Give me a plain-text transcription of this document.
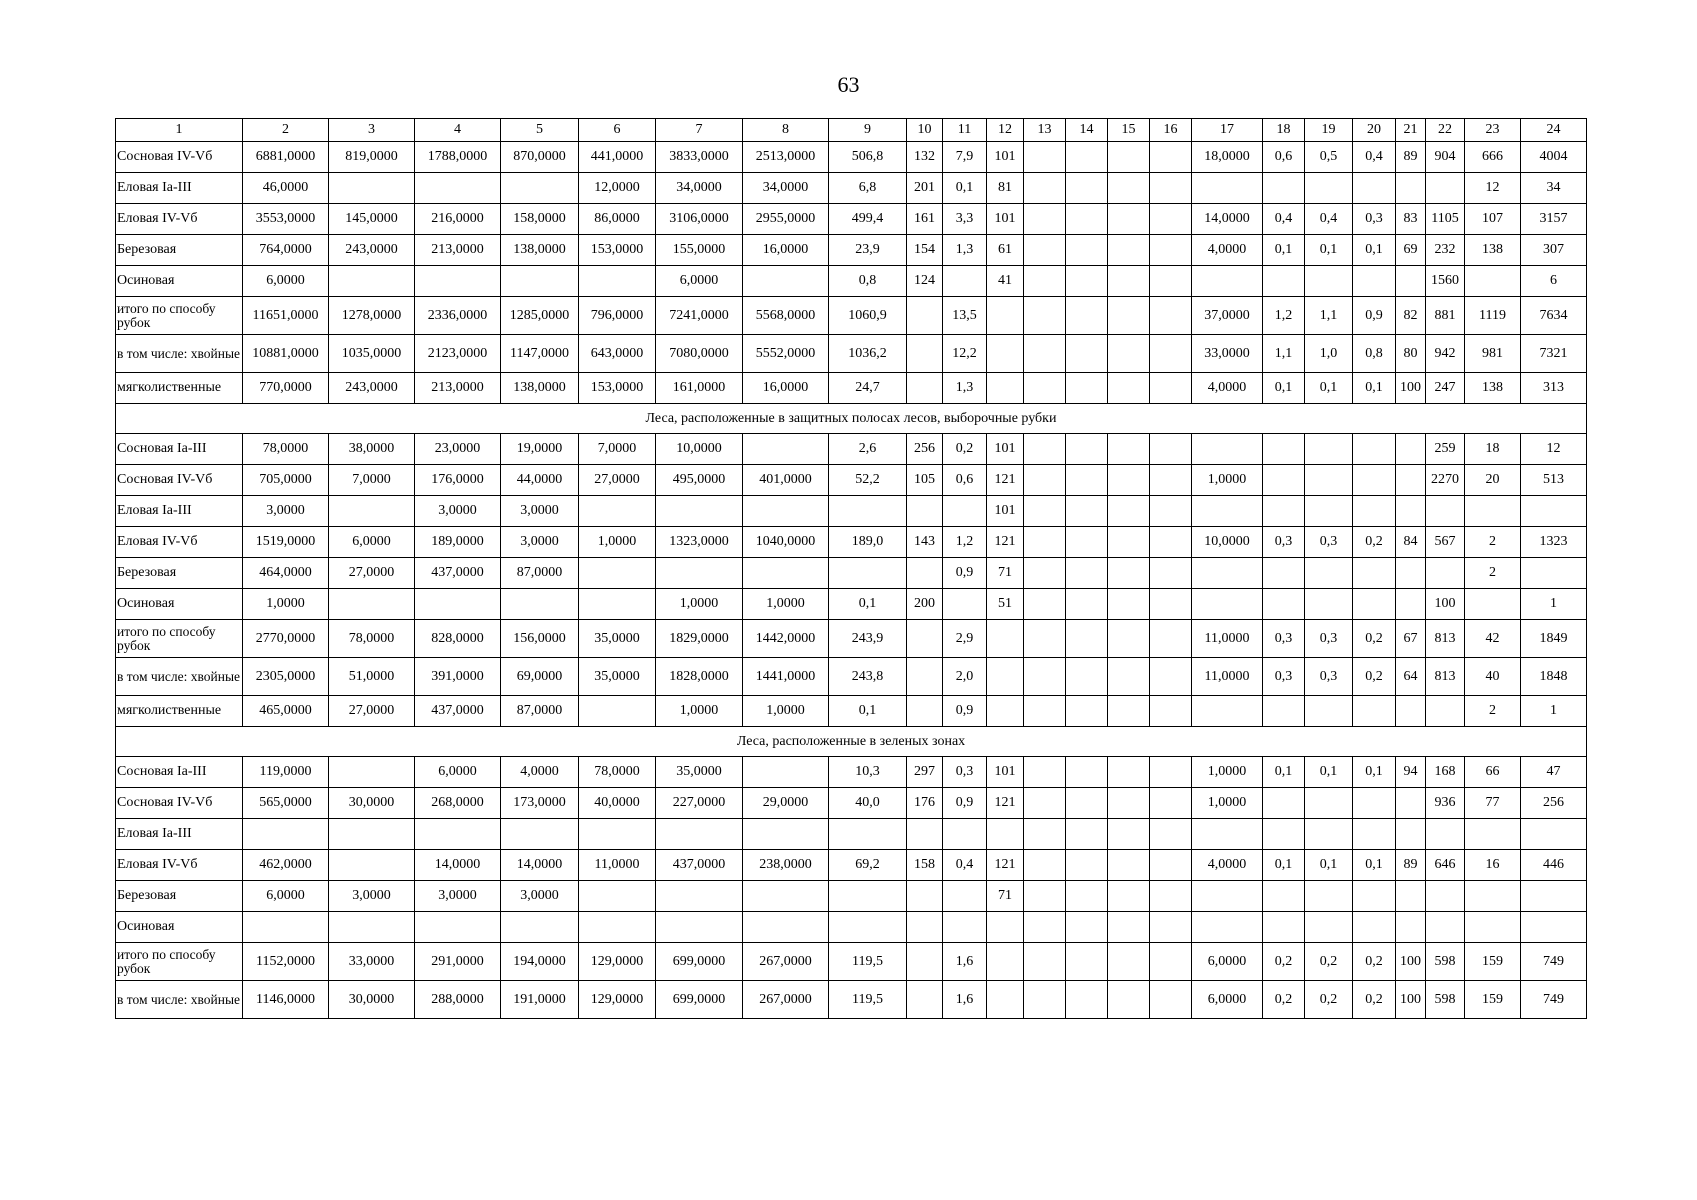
63
1	2	3	4	5	6	7	8	9	10	11	12	13	14	15	16	17	18	19	20	21	22	23	24
Сосновая IV-Vб	6881,0000	819,0000	1788,0000	870,0000	441,0000	3833,0000	2513,0000	506,8	132	7,9	101					18,0000	0,6	0,5	0,4	89	904	666	4004
Еловая Ia-III	46,0000				12,0000	34,0000	34,0000	6,8	201	0,1	81											12	34
Еловая IV-Vб	3553,0000	145,0000	216,0000	158,0000	86,0000	3106,0000	2955,0000	499,4	161	3,3	101					14,0000	0,4	0,4	0,3	83	1105	107	3157
Березовая	764,0000	243,0000	213,0000	138,0000	153,0000	155,0000	16,0000	23,9	154	1,3	61					4,0000	0,1	0,1	0,1	69	232	138	307
Осиновая	6,0000					6,0000		0,8	124		41										1560		6
итого по способу рубок	11651,0000	1278,0000	2336,0000	1285,0000	796,0000	7241,0000	5568,0000	1060,9		13,5						37,0000	1,2	1,1	0,9	82	881	1119	7634
в том числе: хвойные	10881,0000	1035,0000	2123,0000	1147,0000	643,0000	7080,0000	5552,0000	1036,2		12,2						33,0000	1,1	1,0	0,8	80	942	981	7321
мягколиственные	770,0000	243,0000	213,0000	138,0000	153,0000	161,0000	16,0000	24,7		1,3						4,0000	0,1	0,1	0,1	100	247	138	313
Леса, расположенные в защитных полосах лесов, выборочные рубки																							
Сосновая Ia-III	78,0000	38,0000	23,0000	19,0000	7,0000	10,0000		2,6	256	0,2	101										259	18	12
Сосновая IV-Vб	705,0000	7,0000	176,0000	44,0000	27,0000	495,0000	401,0000	52,2	105	0,6	121					1,0000					2270	20	513
Еловая Ia-III	3,0000		3,0000	3,0000							101												
Еловая IV-Vб	1519,0000	6,0000	189,0000	3,0000	1,0000	1323,0000	1040,0000	189,0	143	1,2	121					10,0000	0,3	0,3	0,2	84	567	2	1323
Березовая	464,0000	27,0000	437,0000	87,0000						0,9	71											2	
Осиновая	1,0000					1,0000	1,0000	0,1	200		51										100		1
итого по способу рубок	2770,0000	78,0000	828,0000	156,0000	35,0000	1829,0000	1442,0000	243,9		2,9						11,0000	0,3	0,3	0,2	67	813	42	1849
в том числе: хвойные	2305,0000	51,0000	391,0000	69,0000	35,0000	1828,0000	1441,0000	243,8		2,0						11,0000	0,3	0,3	0,2	64	813	40	1848
мягколиственные	465,0000	27,0000	437,0000	87,0000		1,0000	1,0000	0,1		0,9												2	1
Леса, расположенные в зеленых зонах																							
Сосновая Ia-III	119,0000		6,0000	4,0000	78,0000	35,0000		10,3	297	0,3	101					1,0000	0,1	0,1	0,1	94	168	66	47
Сосновая IV-Vб	565,0000	30,0000	268,0000	173,0000	40,0000	227,0000	29,0000	40,0	176	0,9	121					1,0000					936	77	256
Еловая Ia-III																							
Еловая IV-Vб	462,0000		14,0000	14,0000	11,0000	437,0000	238,0000	69,2	158	0,4	121					4,0000	0,1	0,1	0,1	89	646	16	446
Березовая	6,0000	3,0000	3,0000	3,0000							71												
Осиновая																							
итого по способу рубок	1152,0000	33,0000	291,0000	194,0000	129,0000	699,0000	267,0000	119,5		1,6						6,0000	0,2	0,2	0,2	100	598	159	749
в том числе: хвойные	1146,0000	30,0000	288,0000	191,0000	129,0000	699,0000	267,0000	119,5		1,6						6,0000	0,2	0,2	0,2	100	598	159	749
